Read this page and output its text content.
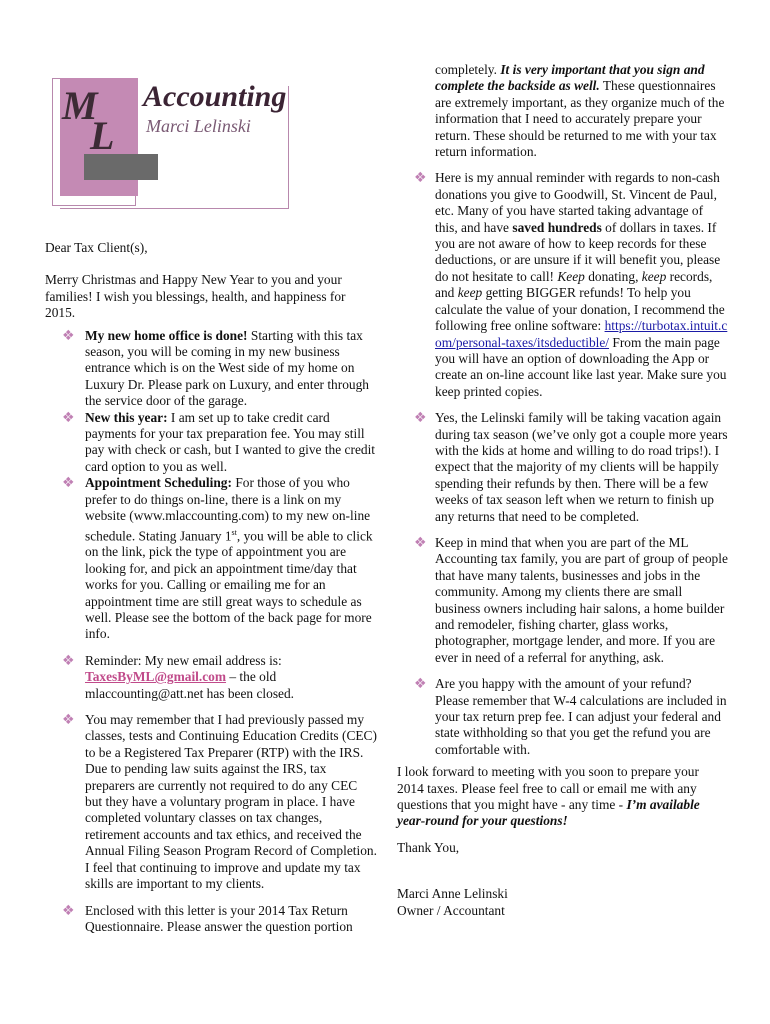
M
L
Accounting
Marci Lelinski

Dear Tax Client(s),

Merry Christmas and Happy New Year to you and your families! I wish you blessings, health, and happiness for 2015.

❖ My new home office is done! Starting with this tax season, you will be coming in my new business entrance which is on the West side of my home on Luxury Dr. Please park on Luxury, and enter through the service door of the garage.
❖ New this year: I am set up to take credit card payments for your tax preparation fee. You may still pay with check or cash, but I wanted to give the credit card option to you as well.
❖ Appointment Scheduling: For those of you who prefer to do things on-line, there is a link on my website (www.mlaccounting.com) to my new on-line schedule. Stating January 1st, you will be able to click on the link, pick the type of appointment you are looking for, and pick an appointment time/day that works for you. Calling or emailing me for an appointment time are still great ways to schedule as well. Please see the bottom of the back page for more info.
❖ Reminder: My new email address is:
TaxesByML@gmail.com – the old mlaccounting@att.net has been closed.
❖ You may remember that I had previously passed my classes, tests and Continuing Education Credits (CEC) to be a Registered Tax Preparer (RTP) with the IRS. Due to pending law suits against the IRS, tax preparers are currently not required to do any CEC but they have a voluntary program in place. I have completed voluntary classes on tax changes, retirement accounts and tax ethics, and received the Annual Filing Season Program Record of Completion. I feel that continuing to improve and update my tax skills are important to my clients.
❖ Enclosed with this letter is your 2014 Tax Return Questionnaire. Please answer the question portion
completely. It is very important that you sign and complete the backside as well. These questionnaires are extremely important, as they organize much of the information that I need to accurately prepare your return. These should be returned to me with your tax return information.
❖ Here is my annual reminder with regards to non-cash donations you give to Goodwill, St. Vincent de Paul, etc. Many of you have started taking advantage of this, and have saved hundreds of dollars in taxes. If you are not aware of how to keep records for these deductions, or are unsure if it will benefit you, please do not hesitate to call! Keep donating, keep records, and keep getting BIGGER refunds! To help you calculate the value of your donation, I recommend the following free online software: https://turbotax.intuit.com/personal-taxes/itsdeductible/ From the main page you will have an option of downloading the App or create an on-line account like last year. Make sure you keep printed copies.
❖ Yes, the Lelinski family will be taking vacation again during tax season (we’ve only got a couple more years with the kids at home and willing to do road trips!). I expect that the majority of my clients will be happily spending their refunds by then. There will be a few weeks of tax season left when we return to finish up any returns that need to be completed.
❖ Keep in mind that when you are part of the ML Accounting tax family, you are part of group of people that have many talents, businesses and jobs in the community. Among my clients there are small business owners including hair salons, a home builder and remodeler, fishing charter, glass works, photographer, mortgage lender, and more. If you are ever in need of a referral for anything, ask.
❖ Are you happy with the amount of your refund? Please remember that W-4 calculations are included in your tax return prep fee. I can adjust your federal and state withholding so that you get the refund you are comfortable with.

I look forward to meeting with you soon to prepare your 2014 taxes. Please feel free to call or email me with any questions that you might have - any time - I’m available year-round for your questions!

Thank You,

Marci Anne Lelinski

Owner / Accountant
